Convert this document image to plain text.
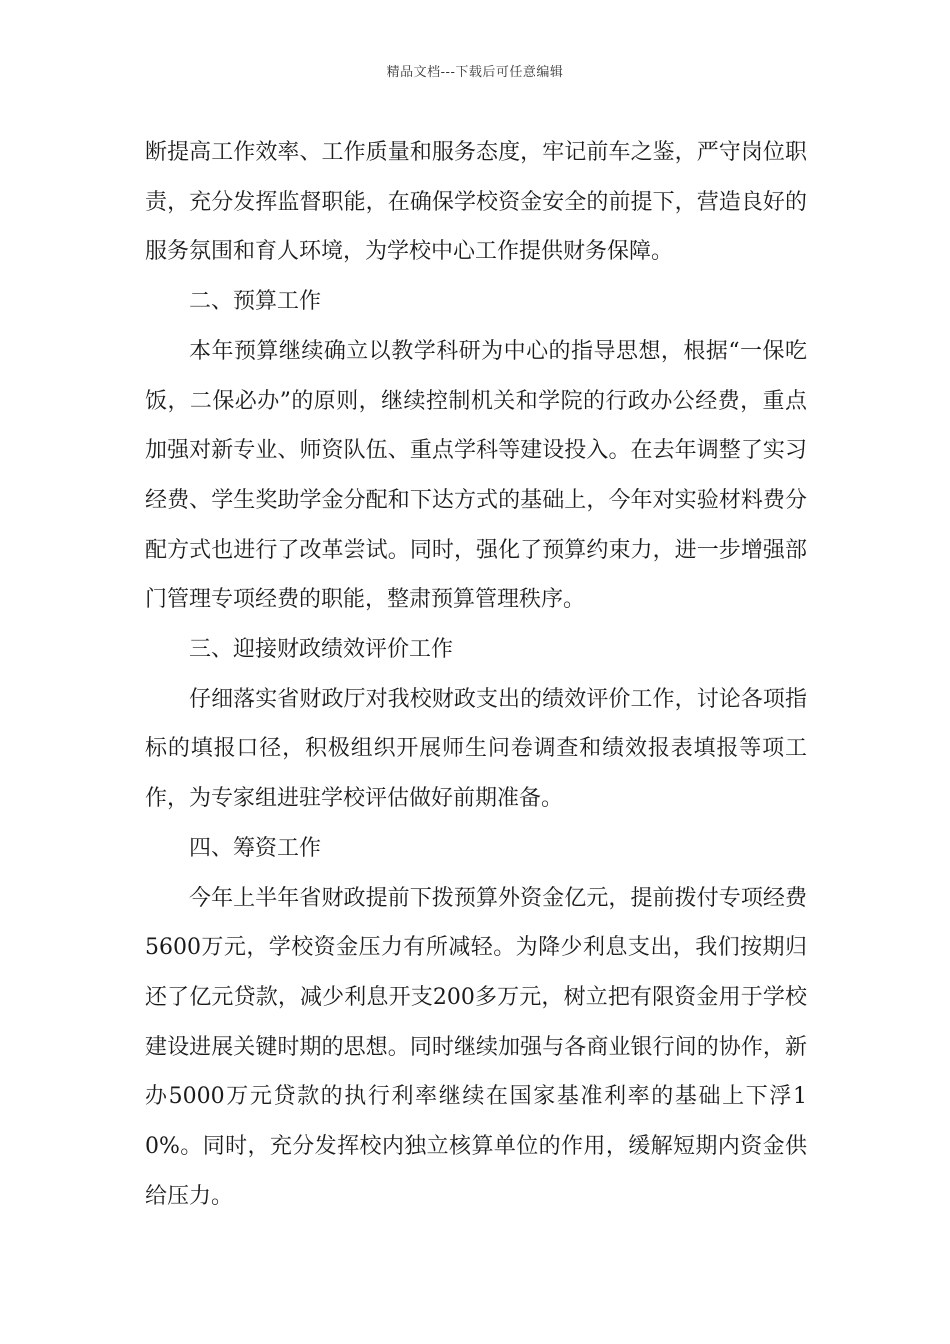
精品文档---下载后可任意编辑

断提高工作效率、工作质量和服务态度，牢记前车之鉴，严守岗位职责，充分发挥监督职能，在确保学校资金安全的前提下，营造良好的服务氛围和育人环境，为学校中心工作提供财务保障。

二、预算工作

本年预算继续确立以教学科研为中心的指导思想，根据“一保吃饭，二保必办”的原则，继续控制机关和学院的行政办公经费，重点加强对新专业、师资队伍、重点学科等建设投入。在去年调整了实习经费、学生奖助学金分配和下达方式的基础上，今年对实验材料费分配方式也进行了改革尝试。同时，强化了预算约束力，进一步增强部门管理专项经费的职能，整肃预算管理秩序。

三、迎接财政绩效评价工作

仔细落实省财政厅对我校财政支出的绩效评价工作，讨论各项指标的填报口径，积极组织开展师生问卷调查和绩效报表填报等项工作，为专家组进驻学校评估做好前期准备。

四、筹资工作

今年上半年省财政提前下拨预算外资金亿元，提前拨付专项经费5600万元，学校资金压力有所减轻。为降少利息支出，我们按期归还了亿元贷款，减少利息开支200多万元，树立把有限资金用于学校建设进展关键时期的思想。同时继续加强与各商业银行间的协作，新办5000万元贷款的执行利率继续在国家基准利率的基础上下浮10%。同时，充分发挥校内独立核算单位的作用，缓解短期内资金供给压力。
